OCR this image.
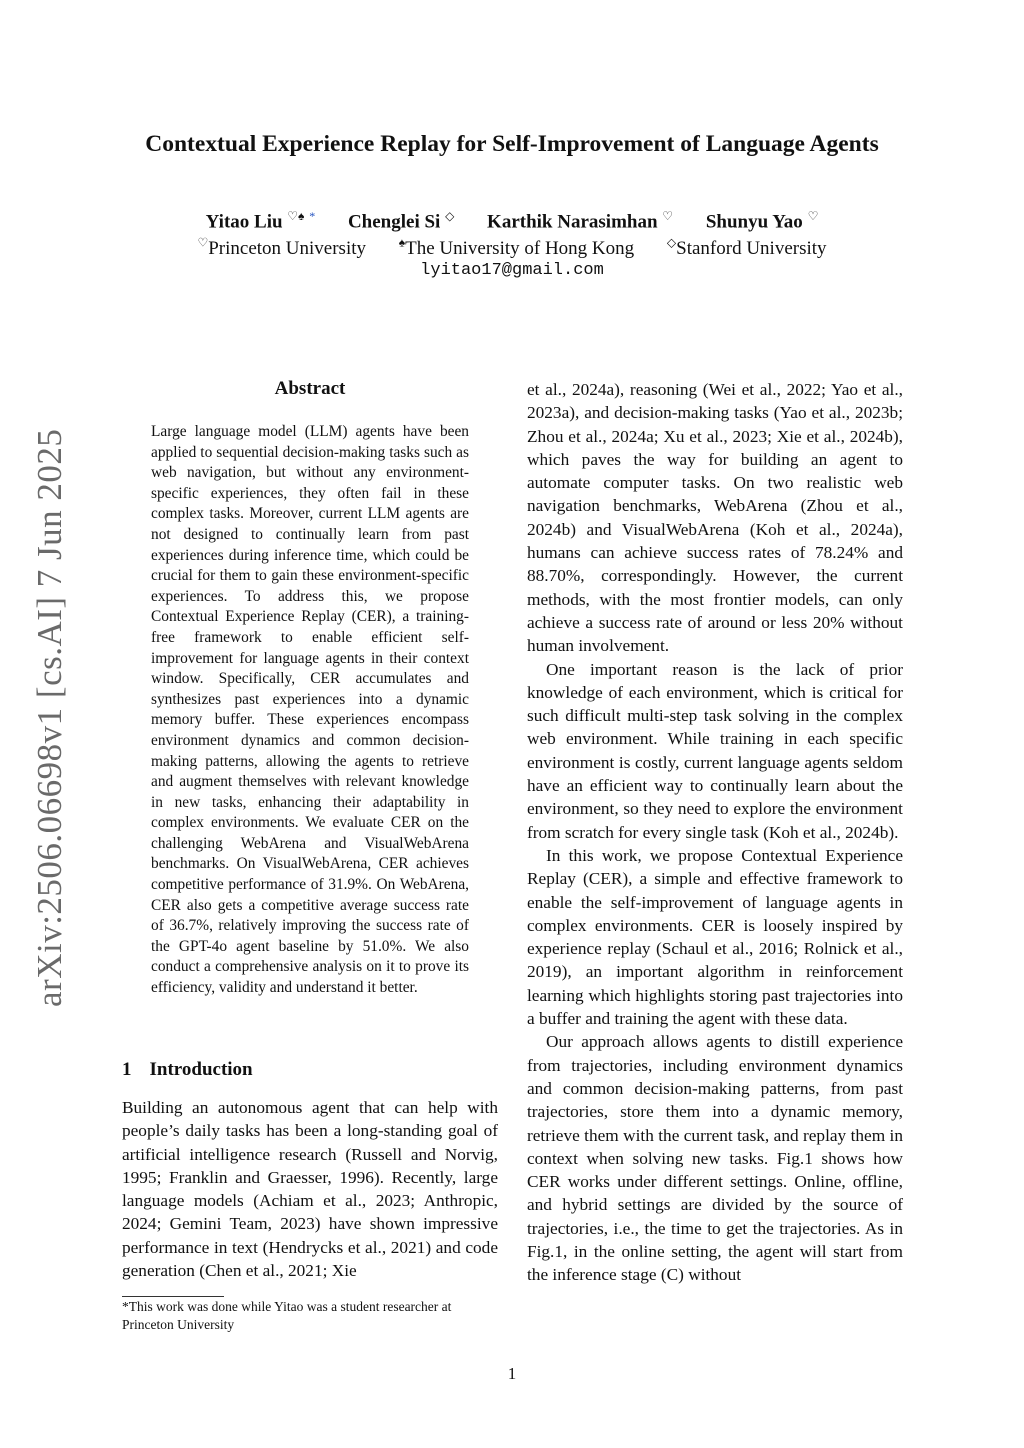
arXiv:2506.06698v1 [cs.AI] 7 Jun 2025
Contextual Experience Replay for Self-Improvement of Language Agents
Yitao Liu ♡♠ * Chenglei Si ◇ Karthik Narasimhan ♡ Shunyu Yao ♡
♡Princeton University	♠The University of Hong Kong	◇Stanford University
lyitao17@gmail.com
Abstract
Large language model (LLM) agents have been applied to sequential decision-making tasks such as web navigation, but without any environment-specific experiences, they often fail in these complex tasks. Moreover, current LLM agents are not designed to continually learn from past experiences during inference time, which could be crucial for them to gain these environment-specific experiences. To address this, we propose Contextual Experience Replay (CER), a training-free framework to enable efficient self-improvement for language agents in their context window. Specifically, CER accumulates and synthesizes past experiences into a dynamic memory buffer. These experiences encompass environment dynamics and common decision-making patterns, allowing the agents to retrieve and augment themselves with relevant knowledge in new tasks, enhancing their adaptability in complex environments. We evaluate CER on the challenging WebArena and VisualWebArena benchmarks. On VisualWebArena, CER achieves competitive performance of 31.9%. On WebArena, CER also gets a competitive average success rate of 36.7%, relatively improving the success rate of the GPT-4o agent baseline by 51.0%. We also conduct a comprehensive analysis on it to prove its efficiency, validity and understand it better.
1 Introduction
Building an autonomous agent that can help with people’s daily tasks has been a long-standing goal of artificial intelligence research (Russell and Norvig, 1995; Franklin and Graesser, 1996). Recently, large language models (Achiam et al., 2023; Anthropic, 2024; Gemini Team, 2023) have shown impressive performance in text (Hendrycks et al., 2021) and code generation (Chen et al., 2021; Xie
*This work was done while Yitao was a student researcher at Princeton University

et al., 2024a), reasoning (Wei et al., 2022; Yao et al., 2023a), and decision-making tasks (Yao et al., 2023b; Zhou et al., 2024a; Xu et al., 2023; Xie et al., 2024b), which paves the way for building an agent to automate computer tasks. On two realistic web navigation benchmarks, WebArena (Zhou et al., 2024b) and VisualWebArena (Koh et al., 2024a), humans can achieve success rates of 78.24% and 88.70%, correspondingly. However, the current methods, with the most frontier models, can only achieve a success rate of around or less 20% without human involvement.

One important reason is the lack of prior knowledge of each environment, which is critical for such difficult multi-step task solving in the complex web environment. While training in each specific environment is costly, current language agents seldom have an efficient way to continually learn about the environment, so they need to explore the environment from scratch for every single task (Koh et al., 2024b).

In this work, we propose Contextual Experience Replay (CER), a simple and effective framework to enable the self-improvement of language agents in complex environments. CER is loosely inspired by experience replay (Schaul et al., 2016; Rolnick et al., 2019), an important algorithm in reinforcement learning which highlights storing past trajectories into a buffer and training the agent with these data.

Our approach allows agents to distill experience from trajectories, including environment dynamics and common decision-making patterns, from past trajectories, store them into a dynamic memory, retrieve them with the current task, and replay them in context when solving new tasks. Fig.1 shows how CER works under different settings. Online, offline, and hybrid settings are divided by the source of trajectories, i.e., the time to get the trajectories. As in Fig.1, in the online setting, the agent will start from the inference stage (C) without

1
